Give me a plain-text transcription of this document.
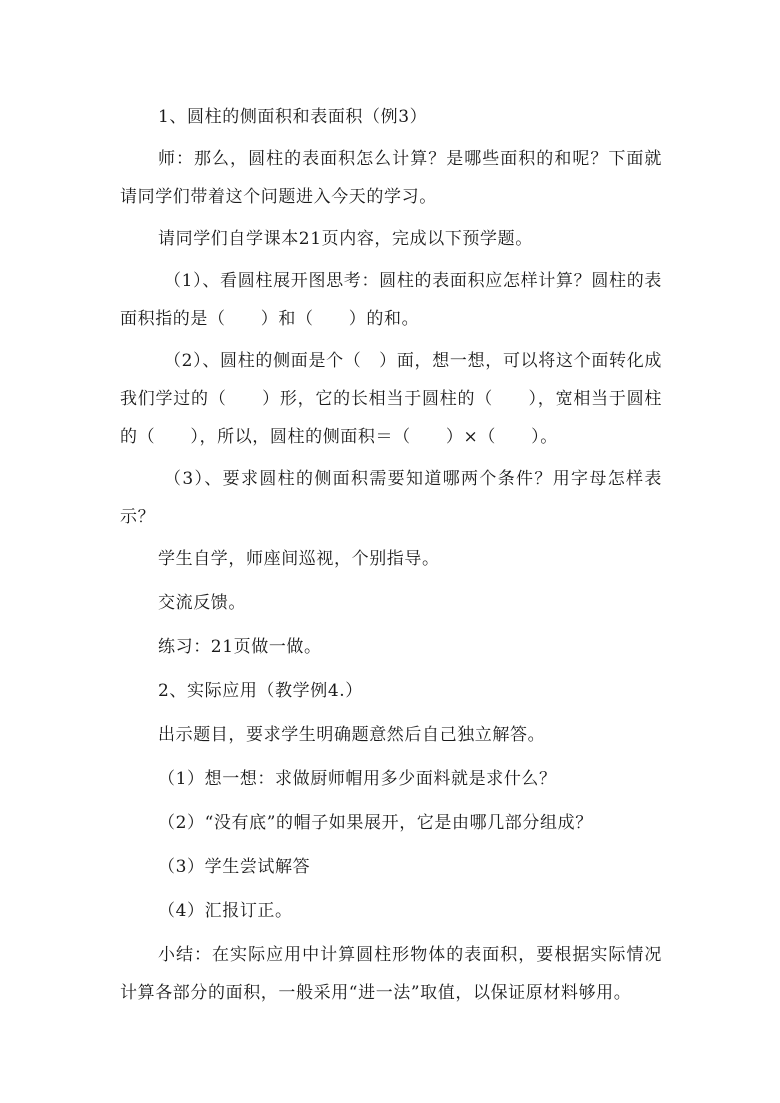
1、圆柱的侧面积和表面积（例3）

师：那么，圆柱的表面积怎么计算？是哪些面积的和呢？下面就请同学们带着这个问题进入今天的学习。

请同学们自学课本21页内容，完成以下预学题。

（1）、看圆柱展开图思考：圆柱的表面积应怎样计算？圆柱的表面积指的是（　　）和（　　）的和。

（2）、圆柱的侧面是个（　）面，想一想，可以将这个面转化成我们学过的（　　）形，它的长相当于圆柱的（　　），宽相当于圆柱的（　　），所以，圆柱的侧面积＝（　　）×（　　）。

（3）、要求圆柱的侧面积需要知道哪两个条件？用字母怎样表示？

学生自学，师座间巡视，个别指导。

交流反馈。

练习：21页做一做。

2、实际应用（教学例4.）

出示题目，要求学生明确题意然后自己独立解答。

（1）想一想：求做厨师帽用多少面料就是求什么？

（2）“没有底”的帽子如果展开，它是由哪几部分组成？

（3）学生尝试解答

（4）汇报订正。

小结：在实际应用中计算圆柱形物体的表面积，要根据实际情况计算各部分的面积，一般采用“进一法”取值，以保证原材料够用。
